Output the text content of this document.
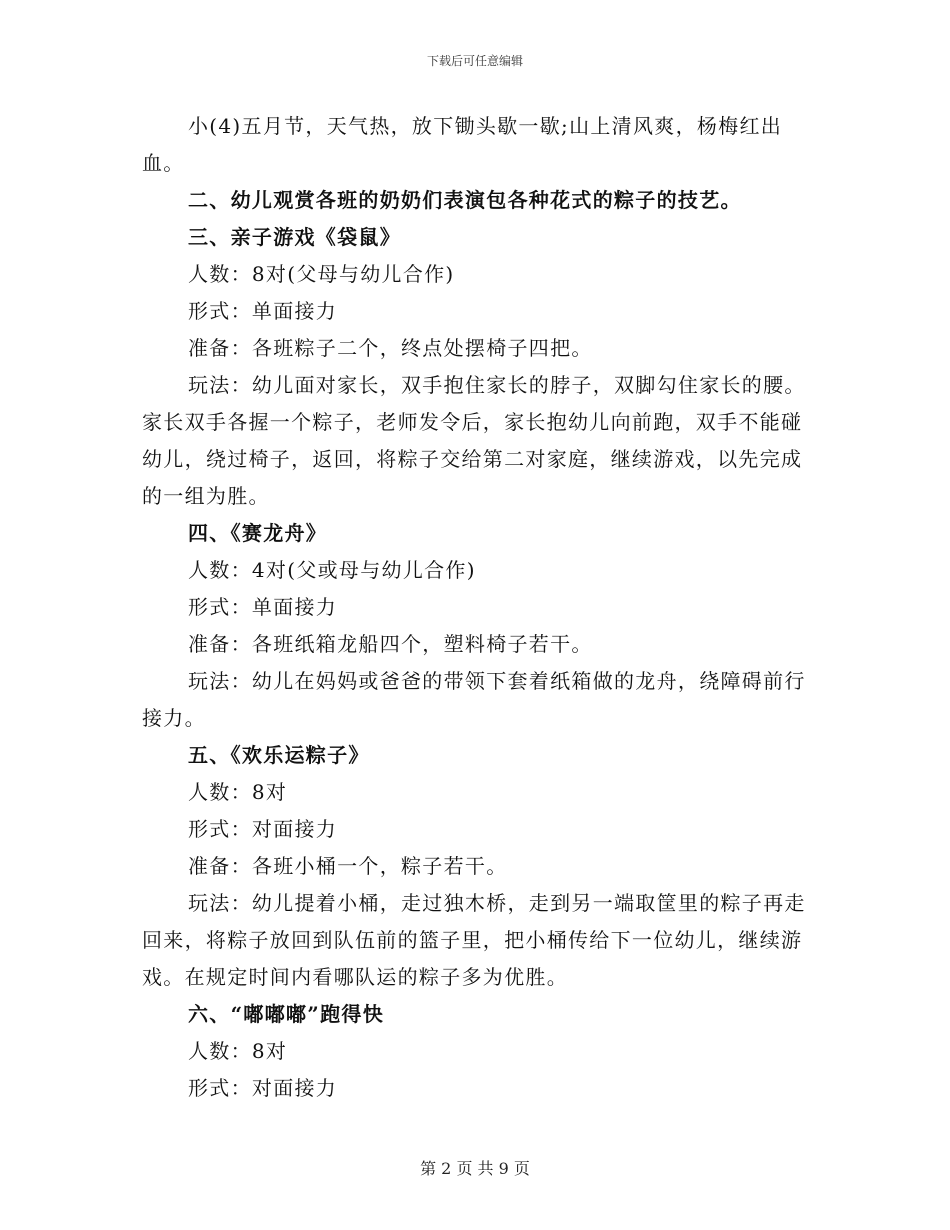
下载后可任意编辑

小(4)五月节，天气热，放下锄头歇一歇;山上清风爽，杨梅红出血。

二、幼儿观赏各班的奶奶们表演包各种花式的粽子的技艺。

三、亲子游戏《袋鼠》

人数：8对(父母与幼儿合作)

形式：单面接力

准备：各班粽子二个，终点处摆椅子四把。

玩法：幼儿面对家长，双手抱住家长的脖子，双脚勾住家长的腰。家长双手各握一个粽子，老师发令后，家长抱幼儿向前跑，双手不能碰幼儿，绕过椅子，返回，将粽子交给第二对家庭，继续游戏，以先完成的一组为胜。

四、《赛龙舟》

人数：4对(父或母与幼儿合作)

形式：单面接力

准备：各班纸箱龙船四个，塑料椅子若干。

玩法：幼儿在妈妈或爸爸的带领下套着纸箱做的龙舟，绕障碍前行接力。

五、《欢乐运粽子》

人数：8对

形式：对面接力

准备：各班小桶一个，粽子若干。

玩法：幼儿提着小桶，走过独木桥，走到另一端取筐里的粽子再走回来，将粽子放回到队伍前的篮子里，把小桶传给下一位幼儿，继续游戏。在规定时间内看哪队运的粽子多为优胜。

六、“嘟嘟嘟”跑得快

人数：8对

形式：对面接力

第 2 页 共 9 页
